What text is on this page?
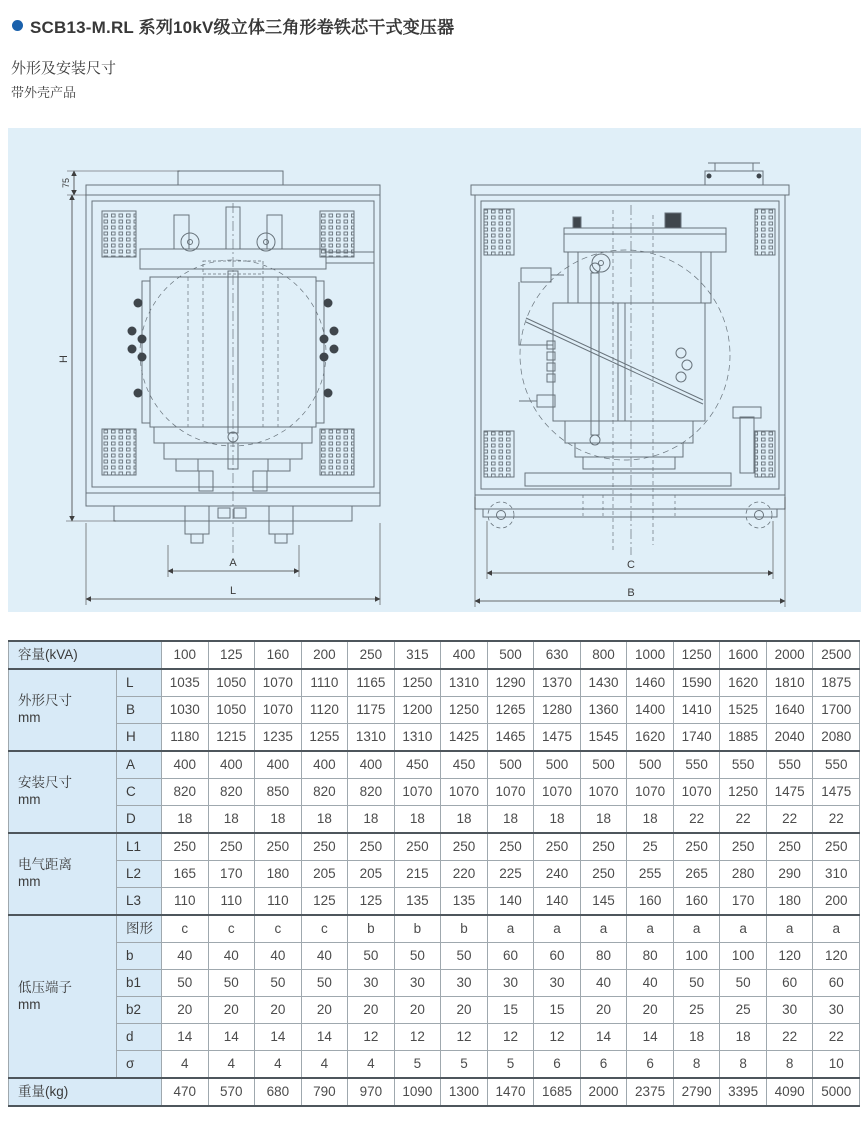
SCB13-M.RL 系列10kV级立体三角形卷铁芯干式变压器
外形及安装尺寸
带外壳产品
75
H
A
L
C
B
容量(kVA)		100	125	160	200	250	315	400	500	630	800	1000	1250	1600	2000	2500

外形尺寸
mm	L	1035	1050	1070	1110	1165	1250	1310	1290	1370	1430	1460	1590	1620	1810	1875
	B	1030	1050	1070	1120	1175	1200	1250	1265	1280	1360	1400	1410	1525	1640	1700
	H	1180	1215	1235	1255	1310	1310	1425	1465	1475	1545	1620	1740	1885	2040	2080

安装尺寸
mm	A	400	400	400	400	400	450	450	500	500	500	500	550	550	550	550
	C	820	820	850	820	820	1070	1070	1070	1070	1070	1070	1070	1250	1475	1475
	D	18	18	18	18	18	18	18	18	18	18	18	22	22	22	22

电气距离
mm	L1	250	250	250	250	250	250	250	250	250	250	25	250	250	250	250
	L2	165	170	180	205	205	215	220	225	240	250	255	265	280	290	310
	L3	110	110	110	125	125	135	135	140	140	145	160	160	170	180	200

低压端子
mm	图形	c	c	c	c	b	b	b	a	a	a	a	a	a	a	a
	b	40	40	40	40	50	50	50	60	60	80	80	100	100	120	120
	b1	50	50	50	50	30	30	30	30	30	40	40	50	50	60	60
	b2	20	20	20	20	20	20	20	15	15	20	20	25	25	30	30
	d	14	14	14	14	12	12	12	12	12	14	14	18	18	22	22
	σ	4	4	4	4	4	5	5	5	6	6	6	8	8	8	10
重量(kg)		470	570	680	790	970	1090	1300	1470	1685	2000	2375	2790	3395	4090	5000
